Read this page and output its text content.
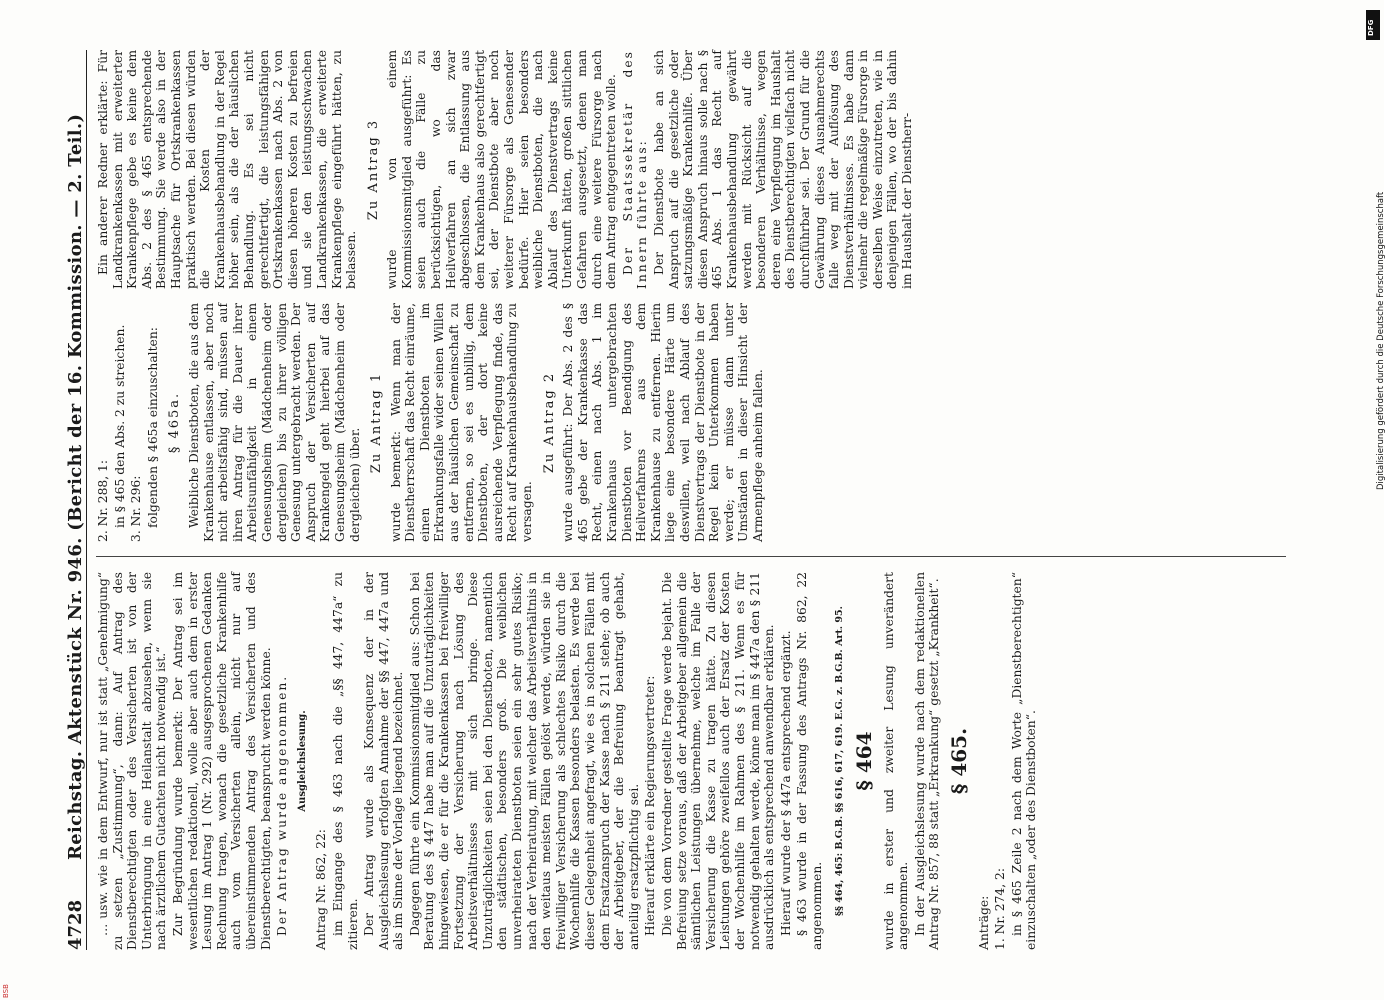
4728
Reichstag. Aktenstück Nr. 946. (Bericht der 16. Kommission. — 2. Teil.) … usw. wie in dem Entwurf, nur ist statt „Genehmigung“ zu setzen „Zustimmung“, dann: Auf Antrag des Dienstberechtigten oder des Versicherten ist von der Unterbringung in eine Heilanstalt abzusehen, wenn sie nach ärztlichem Gutachten nicht notwendig ist.“ Zur Begründung wurde bemerkt: Der Antrag sei im wesentlichen redaktionell, wolle aber auch dem in erster Lesung im Antrag 1 (Nr. 292) ausgesprochenen Gedanken Rechnung tragen, wonach die gesetzliche Krankenhilfe auch vom Versicherten allein, nicht nur auf übereinstimmenden Antrag des Versicherten und des Dienstberechtigten, beansprucht werden könne. Der Antrag wurde angenommen. Ausgleichslesung.

Antrag Nr. 862, 22: im Eingange des § 463 nach die „§§ 447, 447a“ zu zitieren. Der Antrag wurde als Konsequenz der in der Ausgleichslesung erfolgten Annahme der §§ 447, 447a und als im Sinne der Vorlage liegend bezeichnet. Dagegen führte ein Kommissionsmitglied aus: Schon bei Beratung des § 447 habe man auf die Unzuträglichkeiten hingewiesen, die er für die Krankenkassen bei freiwilliger Fortsetzung der Versicherung nach Lösung des Arbeitsverhältnisses mit sich bringe. Diese Unzuträglichkeiten seien bei den Dienstboten, namentlich den städtischen, besonders groß. Die weiblichen unverheirateten Dienstboten seien ein sehr gutes Risiko; nach der Verheiratung, mit welcher das Arbeitsverhältnis in den weitaus meisten Fällen gelöst werde, würden sie in freiwilliger Versicherung als schlechtes Risiko durch die Wochenhilfe die Kassen besonders belasten. Es werde bei dieser Gelegenheit angefragt, wie es in solchen Fällen mit dem Ersatzanspruch der Kasse nach § 211 stehe; ob auch der Arbeitgeber, der die Befreiung beantragt gehabt, anteilig ersatzpflichtig sei. Hierauf erklärte ein Regierungsvertreter: Die von dem Vorredner gestellte Frage werde bejaht. Die Befreiung setze voraus, daß der Arbeitgeber allgemein die sämtlichen Leistungen übernehme, welche im Falle der Versicherung die Kasse zu tragen hätte. Zu diesen Leistungen gehöre zweifellos auch der Ersatz der Kosten der Wochenhilfe im Rahmen des § 211. Wenn es für notwendig gehalten werde, könne man im § 447a den § 211 ausdrücklich als entsprechend anwendbar erklären. Hierauf wurde der § 447a entsprechend ergänzt. § 463 wurde in der Fassung des Antrags Nr. 862, 22 angenommen. §§ 464, 465: B.G.B. §§ 616, 617, 619. E.G. z. B.G.B. Art. 95. § 464 wurde in erster und zweiter Lesung unverändert angenommen. In der Ausgleichslesung wurde nach dem redaktionellen Antrag Nr. 857, 88 statt „Erkrankung“ gesetzt „Krankheit“. § 465.

Anträge: 1. Nr. 274, 2: in § 465 Zeile 2 nach dem Worte „Dienstberechtigten“ einzuschalten „oder des Dienstboten“.

2. Nr. 288, 1: in § 465 den Abs. 2 zu streichen. 3. Nr. 296: folgenden § 465a einzuschalten: § 465a. Weibliche Dienstboten, die aus dem Krankenhause entlassen, aber noch nicht arbeitsfähig sind, müssen auf ihren Antrag für die Dauer ihrer Arbeitsunfähigkeit in einem Genesungsheim (Mädchenheim oder dergleichen) bis zu ihrer völligen Genesung untergebracht werden. Der Anspruch der Versicherten auf Krankengeld geht hierbei auf das Genesungsheim (Mädchenheim oder dergleichen) über.

Zu Antrag 1 wurde bemerkt: Wenn man der Dienstherrschaft das Recht einräume, einen Dienstboten im Erkrankungsfalle wider seinen Willen aus der häuslichen Gemeinschaft zu entfernen, so sei es unbillig, dem Dienstboten, der dort keine ausreichende Verpflegung finde, das Recht auf Krankenhausbehandlung zu versagen.

Zu Antrag 2 wurde ausgeführt: Der Abs. 2 des § 465 gebe der Krankenkasse das Recht, einen nach Abs. 1 im Krankenhaus untergebrachten Dienstboten vor Beendigung des Heilverfahrens aus dem Krankenhause zu entfernen. Hierin liege eine besondere Härte um deswillen, weil nach Ablauf des Dienstvertrags der Dienstbote in der Regel kein Unterkommen haben werde; er müsse dann unter Umständen in dieser Hinsicht der Armenpflege anheim fallen.

Ein anderer Redner erklärte: Für Landkrankenkassen mit erweiterter Krankenpflege gebe es keine dem Abs. 2 des § 465 entsprechende Bestimmung. Sie werde also in der Hauptsache für Ortskrankenkassen praktisch werden. Bei diesen würden die Kosten der Krankenhausbehandlung in der Regel höher sein, als die der häuslichen Behandlung. Es sei nicht gerechtfertigt, die leistungsfähigen Ortskrankenkassen nach Abs. 2 von diesen höheren Kosten zu befreien und sie den leistungsschwachen Landkrankenkassen, die erweiterte Krankenpflege eingeführt hätten, zu belassen.

Zu Antrag 3 wurde von einem Kommissionsmitglied ausgeführt: Es seien auch die Fälle zu berücksichtigen, wo das Heilverfahren an sich zwar abgeschlossen, die Entlassung aus dem Krankenhaus also gerechtfertigt sei, der Dienstbote aber noch weiterer Fürsorge als Genesender bedürfe. Hier seien besonders weibliche Dienstboten, die nach Ablauf des Dienstvertrags keine Unterkunft hätten, großen sittlichen Gefahren ausgesetzt, denen man durch eine weitere Fürsorge nach dem Antrag entgegentreten wolle. Der Staatssekretär des Innern führte aus: Der Dienstbote habe an sich Anspruch auf die gesetzliche oder satzungsmäßige Krankenhilfe. Über diesen Anspruch hinaus solle nach § 465 Abs. 1 das Recht auf Krankenhausbehandlung gewährt werden mit Rücksicht auf die besonderen Verhältnisse, wegen deren eine Verpflegung im Haushalt des Dienstberechtigten vielfach nicht durchführbar sei. Der Grund für die Gewährung dieses Ausnahmerechts falle weg mit der Auflösung des Dienstverhältnisses. Es habe dann vielmehr die regelmäßige Fürsorge in derselben Weise einzutreten, wie in denjenigen Fällen, wo der bis dahin im Haushalt der Dienstherr-

DFG
Digitalisierung gefördert durch die Deutsche Forschungsgemeinschaft
BSB
